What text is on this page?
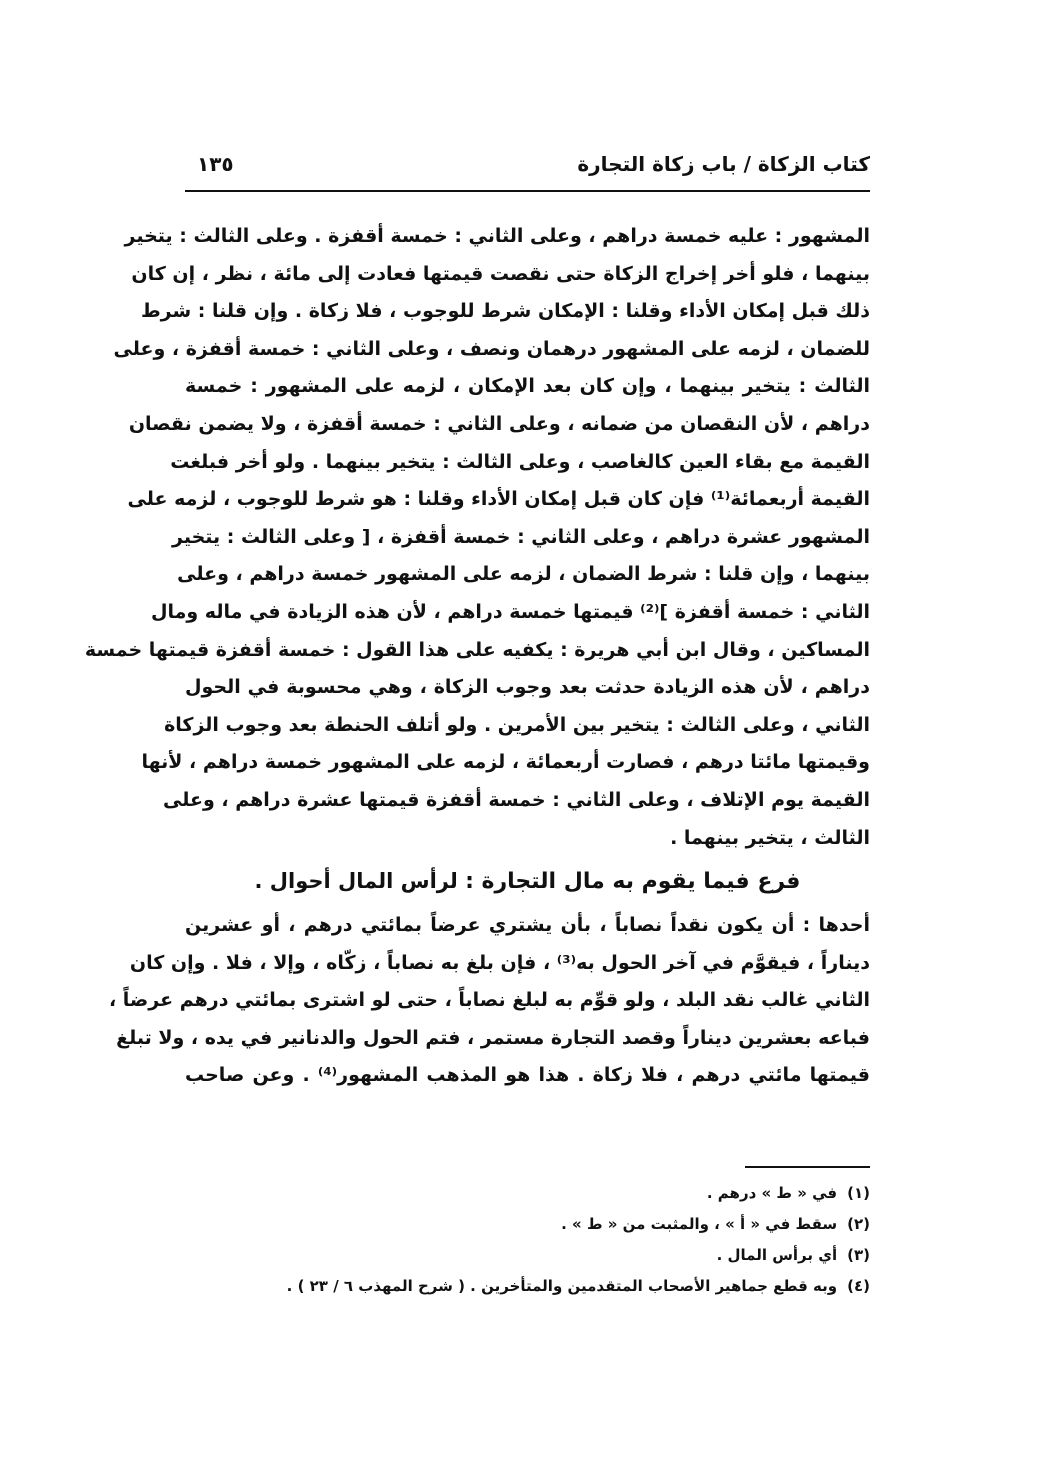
كتاب الزكاة / باب زكاة التجارة
١٣٥
المشهور : عليه خمسة دراهم ، وعلى الثاني : خمسة أقفزة . وعلى الثالث : يتخير
بينهما ، فلو أخر إخراج الزكاة حتى نقصت قيمتها فعادت إلى مائة ، نظر ، إن كان
ذلك قبل إمكان الأداء وقلنا : الإمكان شرط للوجوب ، فلا زكاة . وإن قلنا : شرط
للضمان ، لزمه على المشهور درهمان ونصف ، وعلى الثاني : خمسة أقفزة ، وعلى
الثالث : يتخير بينهما ، وإن كان بعد الإمكان ، لزمه على المشهور : خمسة
دراهم ، لأن النقصان من ضمانه ، وعلى الثاني : خمسة أقفزة ، ولا يضمن نقصان
القيمة مع بقاء العين كالغاصب ، وعلى الثالث : يتخير بينهما . ولو أخر فبلغت
القيمة أربعمائة⁽¹⁾ فإن كان قبل إمكان الأداء وقلنا : هو شرط للوجوب ، لزمه على
المشهور عشرة دراهم ، وعلى الثاني : خمسة أقفزة ، [ وعلى الثالث : يتخير
بينهما ، وإن قلنا : شرط الضمان ، لزمه على المشهور خمسة دراهم ، وعلى
الثاني : خمسة أقفزة ]⁽²⁾ قيمتها خمسة دراهم ، لأن هذه الزيادة في ماله ومال
المساكين ، وقال ابن أبي هريرة : يكفيه على هذا القول : خمسة أقفزة قيمتها خمسة
دراهم ، لأن هذه الزيادة حدثت بعد وجوب الزكاة ، وهي محسوبة في الحول
الثاني ، وعلى الثالث : يتخير بين الأمرين . ولو أتلف الحنطة بعد وجوب الزكاة
وقيمتها مائتا درهم ، فصارت أربعمائة ، لزمه على المشهور خمسة دراهم ، لأنها
القيمة يوم الإتلاف ، وعلى الثاني : خمسة أقفزة قيمتها عشرة دراهم ، وعلى
الثالث ، يتخير بينهما .
فرع فيما يقوم به مال التجارة : لرأس المال أحوال .
أحدها : أن يكون نقداً نصاباً ، بأن يشتري عرضاً بمائتي درهم ، أو عشرين
ديناراً ، فيقوَّم في آخر الحول به⁽³⁾ ، فإن بلغ به نصاباً ، زكّاه ، وإلا ، فلا . وإن كان
الثاني غالب نقد البلد ، ولو قوِّم به لبلغ نصاباً ، حتى لو اشترى بمائتي درهم عرضاً ،
فباعه بعشرين ديناراً وقصد التجارة مستمر ، فتم الحول والدنانير في يده ، ولا تبلغ
قيمتها مائتي درهم ، فلا زكاة . هذا هو المذهب المشهور⁽⁴⁾ . وعن صاحب
(١)في « ط » درهم .
(٢)سقط في « أ » ، والمثبت من « ط » .
(٣)أي برأس المال .
(٤)وبه قطع جماهير الأصحاب المتقدمين والمتأخرين . ( شرح المهذب ٦ / ٢٣ ) .
